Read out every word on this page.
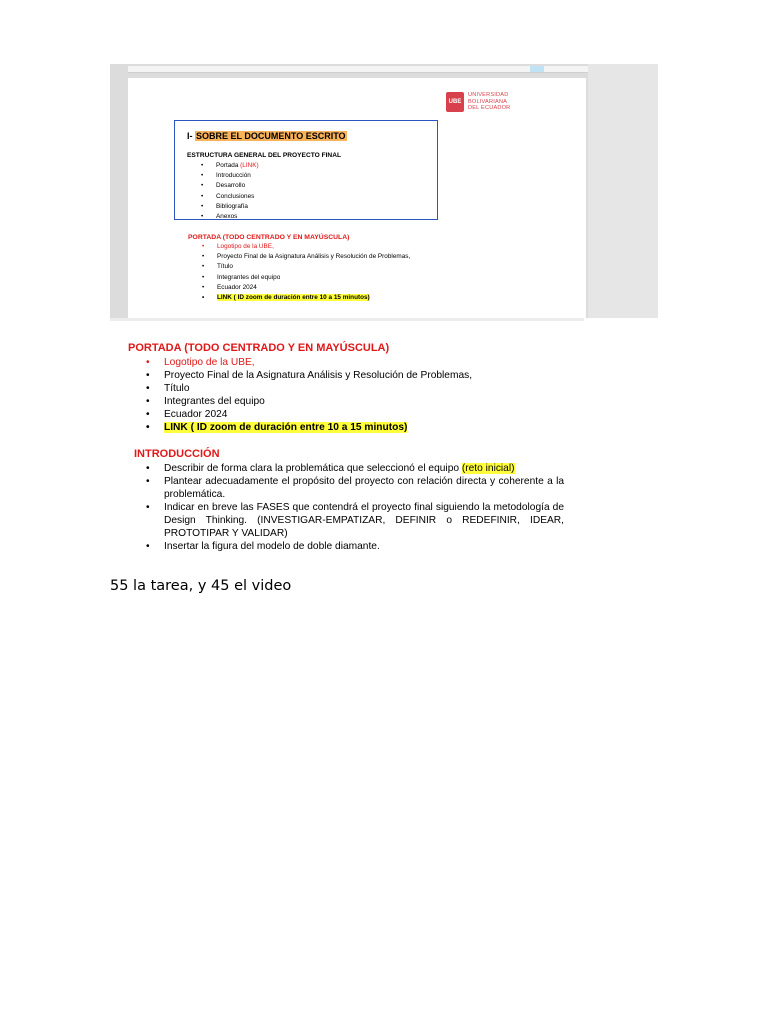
UBE
UNIVERSIDAD
BOLIVARIANA
DEL ECUADOR
I- SOBRE EL DOCUMENTO ESCRITO
ESTRUCTURA GENERAL DEL PROYECTO FINAL
• Portada (LINK)
• Introducción
• Desarrollo
• Conclusiones
• Bibliografía
• Anexos
PORTADA (TODO CENTRADO Y EN MAYÚSCULA)
• Logotipo de la UBE,
• Proyecto Final de la Asignatura Análisis y Resolución de Problemas,
• Título
• Integrantes del equipo
• Ecuador 2024
• LINK ( ID zoom de duración entre 10 a 15 minutos)
PORTADA (TODO CENTRADO Y EN MAYÚSCULA)
• Logotipo de la UBE,
• Proyecto Final de la Asignatura Análisis y Resolución de Problemas,
• Título
• Integrantes del equipo
• Ecuador 2024
• LINK ( ID zoom de duración entre 10 a 15 minutos)
INTRODUCCIÓN
• Describir de forma clara la problemática que seleccionó el equipo (reto inicial)
• Plantear adecuadamente el propósito del proyecto con relación directa y coherente a la problemática.
• Indicar en breve las FASES que contendrá el proyecto final siguiendo la metodología de Design Thinking. (INVESTIGAR-EMPATIZAR, DEFINIR o REDEFINIR, IDEAR, PROTOTIPAR Y VALIDAR)
• Insertar la figura del modelo de doble diamante.
55 la tarea, y 45 el video
